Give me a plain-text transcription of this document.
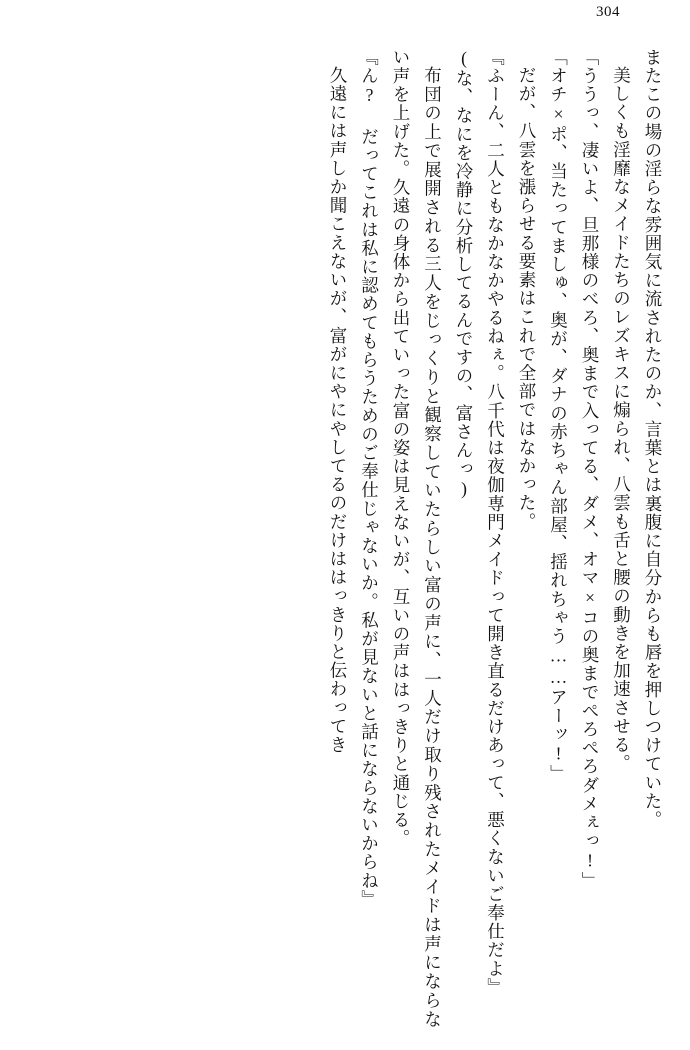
304

またこの場の淫らな雰囲気に流されたのか、言葉とは裏腹に自分からも唇を押しつけていた。

美しくも淫靡なメイドたちのレズキスに煽られ、八雲も舌と腰の動きを加速させる。

「ううっ、凄いよ、旦那様のべろ、奥まで入ってる、ダメ、オマ×コの奥までぺろぺろダメぇっ!」

「オチ×ポ、当たってましゅ、奥が、ダナの赤ちゃん部屋、揺れちゃう……アーッ!」

だが、八雲を漲らせる要素はこれで全部ではなかった。

『ふーん、二人ともなかなかやるねぇ。八千代は夜伽専門メイドって開き直るだけあって、悪くないご奉仕だよ』

(な、なにを冷静に分析してるんですの、富さんっ)

布団の上で展開される三人をじっくりと観察していたらしい富の声に、一人だけ取り残されたメイドは声にならない声を上げた。久遠の身体から出ていった富の姿は見えないが、互いの声ははっきりと通じる。

『ん? だってこれは私に認めてもらうためのご奉仕じゃないか。私が見ないと話にならないからね』

久遠には声しか聞こえないが、富がにやにやしてるのだけははっきりと伝わってき
